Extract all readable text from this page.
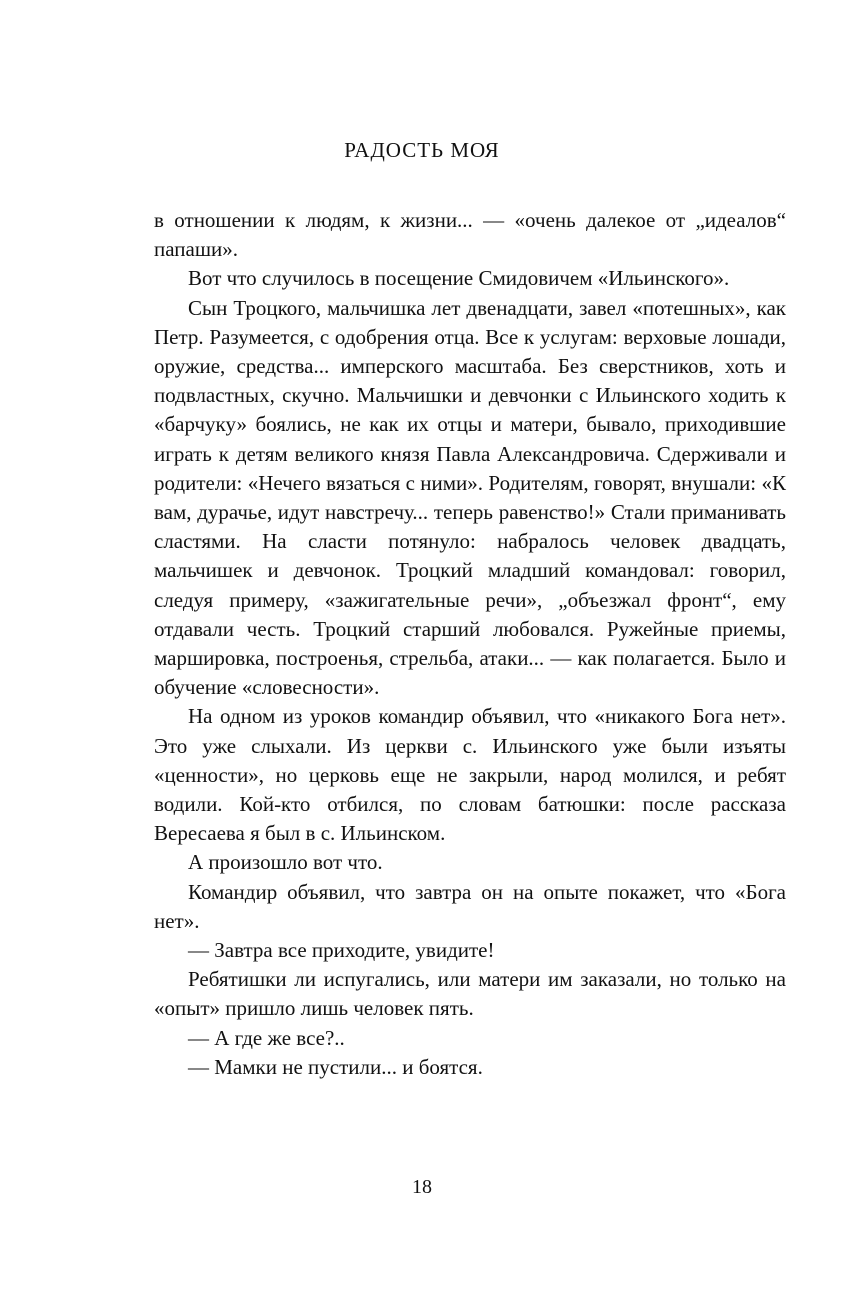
РАДОСТЬ МОЯ

в отношении к людям, к жизни... — «очень далекое от „идеалов“ папаши».

Вот что случилось в посещение Смидовичем «Ильинского».

Сын Троцкого, мальчишка лет двенадцати, завел «потешных», как Петр. Разумеется, с одобрения отца. Все к услугам: верховые лошади, оружие, средства... имперского масштаба. Без сверстников, хоть и подвластных, скучно. Мальчишки и девчонки с Ильинского ходить к «барчуку» боялись, не как их отцы и матери, бывало, приходившие играть к детям великого князя Павла Александровича. Сдерживали и родители: «Нечего вязаться с ними». Родителям, говорят, внушали: «К вам, дурачье, идут навстречу... теперь равенство!» Стали приманивать сластями. На сласти потянуло: набралось человек двадцать, мальчишек и девчонок. Троцкий младший командовал: говорил, следуя примеру, «зажигательные речи», „объезжал фронт“, ему отдавали честь. Троцкий старший любовался. Ружейные приемы, маршировка, построенья, стрельба, атаки... — как полагается. Было и обучение «словесности».

На одном из уроков командир объявил, что «никакого Бога нет». Это уже слыхали. Из церкви с. Ильинского уже были изъяты «ценности», но церковь еще не закрыли, народ молился, и ребят водили. Кой-кто отбился, по словам батюшки: после рассказа Вересаева я был в с. Ильинском.

А произошло вот что.

Командир объявил, что завтра он на опыте покажет, что «Бога нет».

— Завтра все приходите, увидите!

Ребятишки ли испугались, или матери им заказали, но только на «опыт» пришло лишь человек пять.

— А где же все?..

— Мамки не пустили... и боятся.

18
